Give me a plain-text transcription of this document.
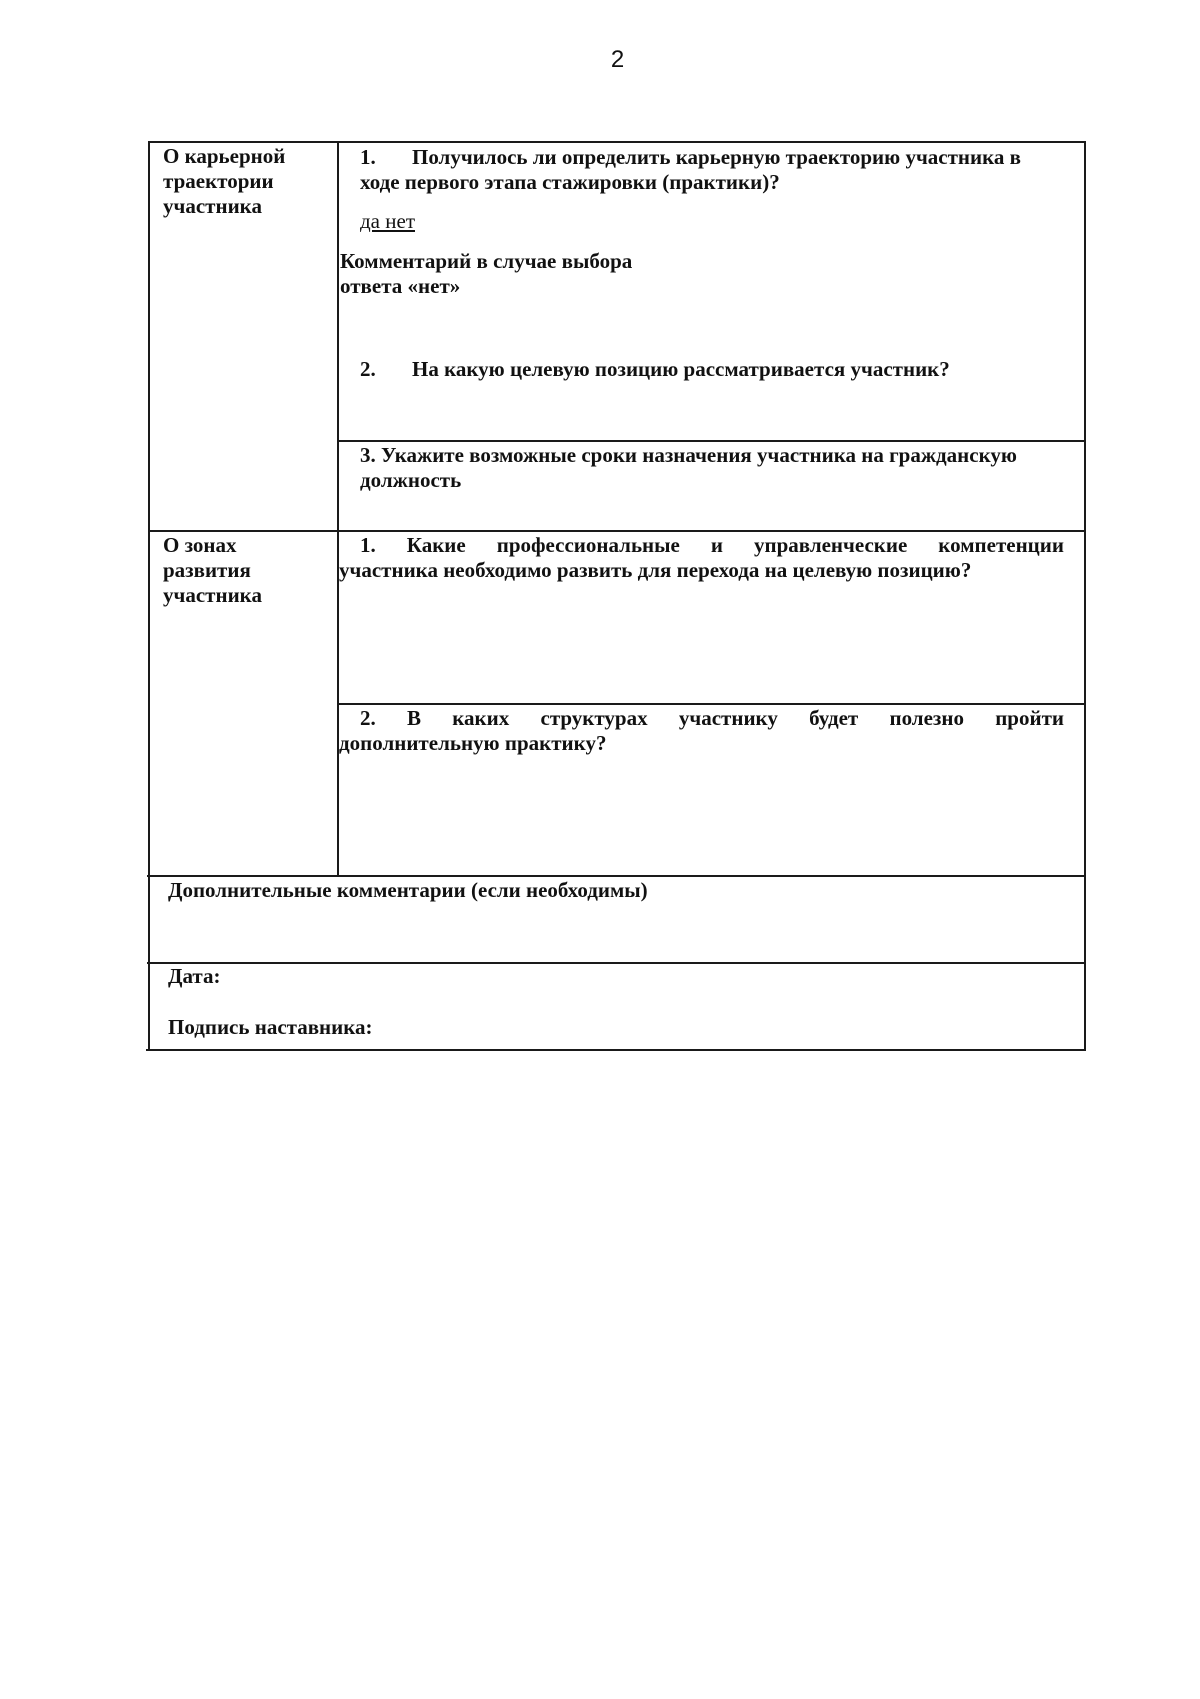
2
О карьерной
траектории
участника
1. Получилось ли определить карьерную траекторию участника в
ходе первого этапа стажировки (практики)?
да нет
Комментарий в случае выбора
ответа «нет»
2. На какую целевую позицию рассматривается участник?
3. Укажите возможные сроки назначения участника на гражданскую
должность
О зонах
развития
участника
1. Какие профессиональные и управленческие компетенции
участника необходимо развить для перехода на целевую позицию?
2. В каких структурах участнику будет полезно пройти
дополнительную практику?
Дополнительные комментарии (если необходимы)
Дата:
Подпись наставника:
